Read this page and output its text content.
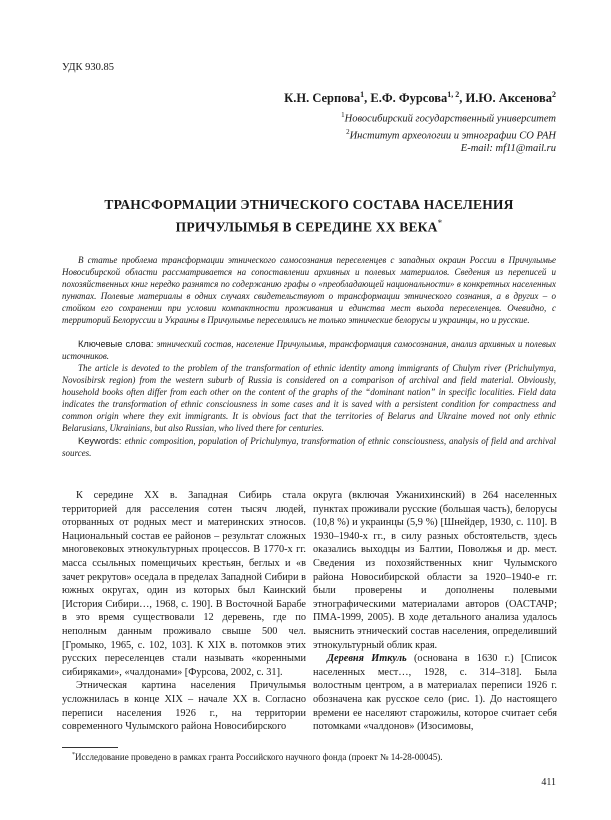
УДК 930.85
К.Н. Серпова$^1$, Е.Ф. Фурсова$^{1, 2}$, И.Ю. Аксенова$^2$
$^1$Новосибирский государственный университет
$^2$Институт археологии и этнографии СО РАН
E-mail: mf11@mail.ru
ТРАНСФОРМАЦИИ ЭТНИЧЕСКОГО СОСТАВА НАСЕЛЕНИЯ
ПРИЧУЛЫМЬЯ В СЕРЕДИНЕ XX ВЕКА*

В статье проблема трансформации этнического самосознания переселенцев с западных окраин России в Причулымье Новосибирской области рассматривается на сопоставлении архивных и полевых материалов. Сведения из переписей и похозяйственных книг нередко разнятся по содержанию графы о «преобладающей национальности» в конкретных населенных пунктах. Полевые материалы в одних случаях свидетельствуют о трансформации этнического сознания, а в других – о стойком его сохранении при условии компактности проживания и единства мест выхода переселенцев. Очевидно, с территорий Белоруссии и Украины в Причулымье переселялись не только этнические белорусы и украинцы, но и русские.

Ключевые слова: этнический состав, население Причулымья, трансформация самосознания, анализ архивных и полевых источников.

The article is devoted to the problem of the transformation of ethnic identity among immigrants of Chulym river (Prichulymya, Novosibirsk region) from the western suburb of Russia is considered on a comparison of archival and field material. Obviously, household books often differ from each other on the content of the graphs of the “dominant nation” in specific localities. Field data indicates the transformation of ethnic consciousness in some cases and it is saved with a persistent condition for compactness and common origin where they exit immigrants. It is obvious fact that the territories of Belarus and Ukraine moved not only ethnic Belarusians, Ukrainians, but also Russian, who lived there for centuries.

Keywords: ethnic composition, population of Prichulymya, transformation of ethnic consciousness, analysis of field and archival sources.

К середине XX в. Западная Сибирь стала территорией для расселения сотен тысяч людей, оторванных от родных мест и материнских этносов. Национальный состав ее районов – результат сложных многовековых этнокультурных процессов. В 1770-х гг. масса ссыльных помещичьих крестьян, беглых и «в зачет рекрутов» оседала в пределах Западной Сибири в южных округах, один из которых был Каинский [История Сибири…, 1968, с. 190]. В Восточной Барабе в это время существовали 12 деревень, где по неполным данным проживало свыше 500 чел. [Громыко, 1965, с. 102, 103]. К XIX в. потомков этих русских переселенцев стали называть «коренными сибиряками», «чалдонами» [Фурсова, 2002, с. 31].

Этническая картина населения Причулымья усложнилась в конце XIX – начале XX в. Согласно переписи населения 1926 г., на территории современного Чулымского района Новосибирского

округа (включая Ужанихинский) в 264 населенных пунктах проживали русские (большая часть), белорусы (10,8 %) и украинцы (5,9 %) [Шнейдер, 1930, с. 110]. В 1930–1940-х гг., в силу разных обстоятельств, здесь оказались выходцы из Балтии, Поволжья и др. мест. Сведения из похозяйственных книг Чулымского района Новосибирской области за 1920–1940-е гг. были проверены и дополнены полевыми этнографическими материалами авторов (ОАСТАЧР; ПМА-1999, 2005). В ходе детального анализа удалось выяснить этнический состав населения, определивший этнокультурный облик края.

Деревня Иткуль (основана в 1630 г.) [Список населенных мест…, 1928, с. 314–318]. Была волостным центром, а в материалах переписи 1926 г. обозначена как русское село (рис. 1). До настоящего времени ее населяют старожилы, которое считает себя потомками «чалдонов» (Изосимовы,

*Исследование проведено в рамках гранта Российского научного фонда (проект № 14-28-00045).
411
